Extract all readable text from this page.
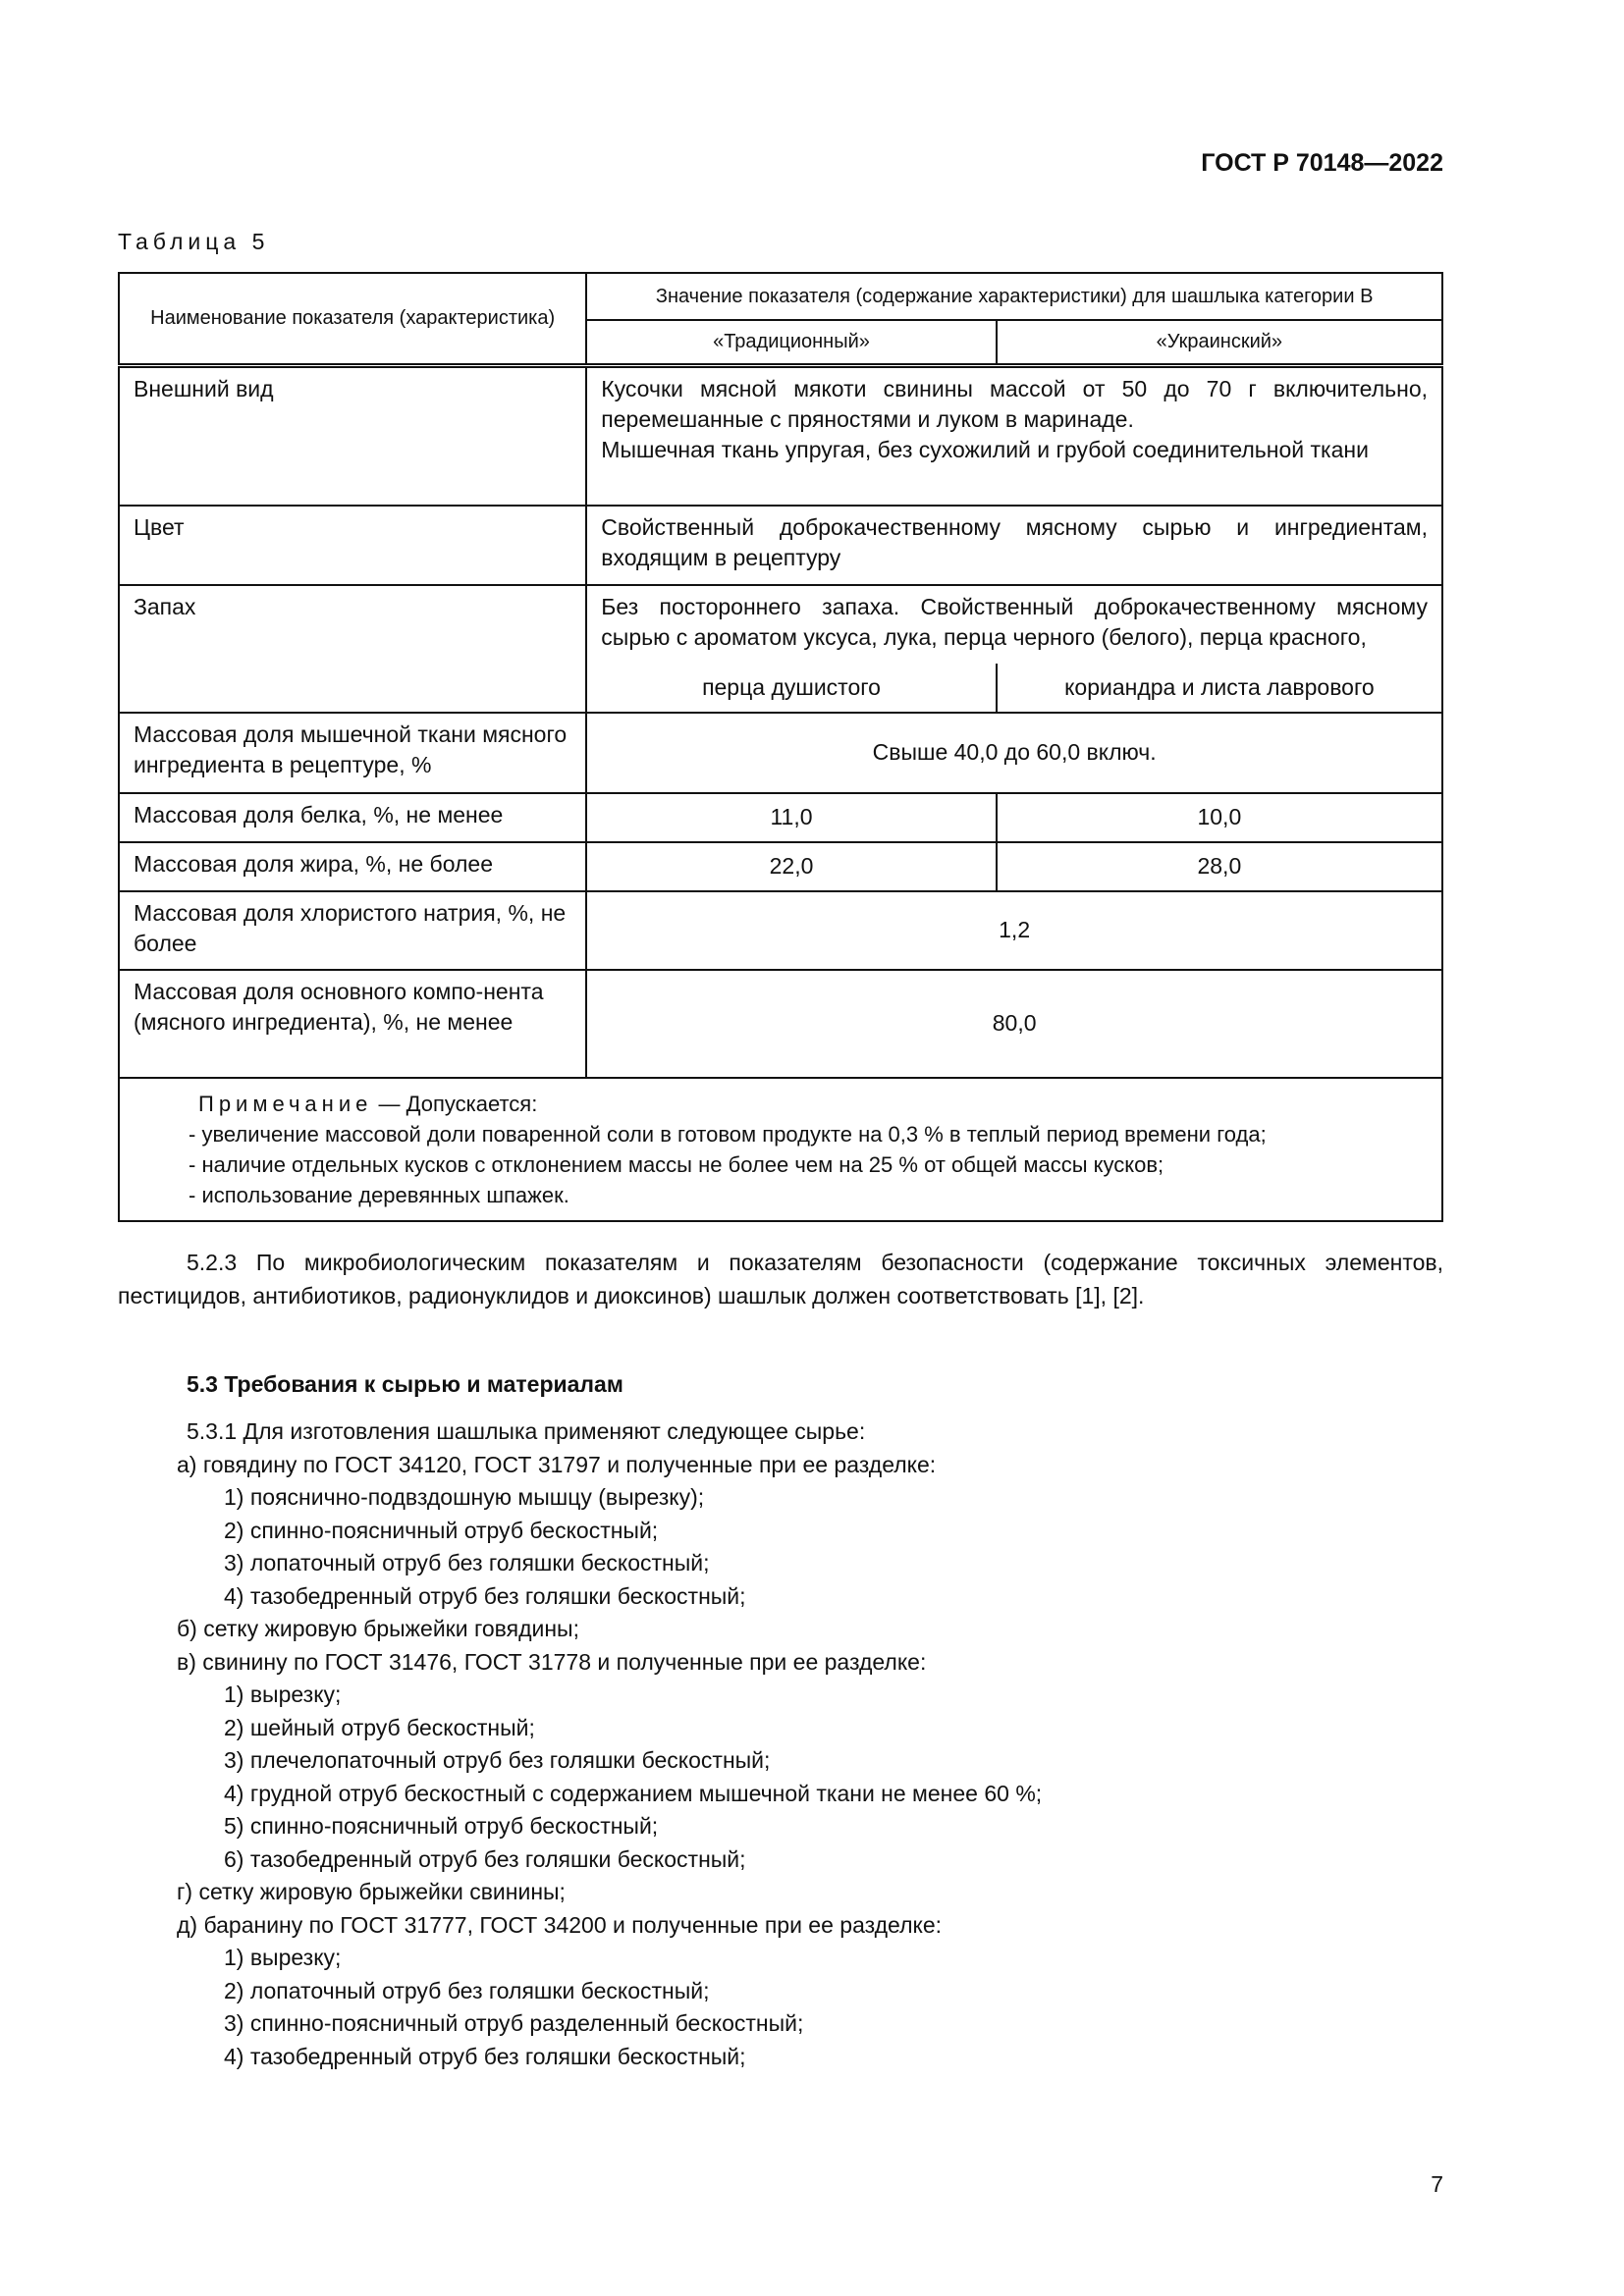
ГОСТ Р 70148—2022
Таблица 5
Наименование показателя (характеристика)	Значение показателя (содержание характеристики) для шашлыка категории В	
	«Традиционный»	«Украинский»
Внешний вид	Кусочки мясной мякоти свинины массой от 50 до 70 г включительно, перемешанные с пряностями и луком в маринаде.
Мышечная ткань упругая, без сухожилий и грубой соединительной ткани	

Цвет	Свойственный доброкачественному мясному сырью и ингредиентам, входящим в рецептуру	
Запах	Без постороннего запаха. Свойственный доброкачественному мясному сырью с ароматом уксуса, лука, перца черного (белого), перца красного,	
	перца душистого	кориандра и листа лаврового
Массовая доля мышечной ткани мясного ингредиента в рецептуре, %	Свыше 40,0 до 60,0 включ.	
Массовая доля белка, %, не менее	11,0	10,0
Массовая доля жира, %, не более	22,0	28,0
Массовая доля хлористого натрия, %, не более	1,2	
Массовая доля основного компо-нента (мясного ингредиента), %, не менее	80,0	

Примечание — Допускается:
- увеличение массовой доли поваренной соли в готовом продукте на 0,3 % в теплый период времени года;
- наличие отдельных кусков с отклонением массы не более чем на 25 % от общей массы кусков;
- использование деревянных шпажек.		
5.2.3 По микробиологическим показателям и показателям безопасности (содержание токсичных элементов, пестицидов, антибиотиков, радионуклидов и диоксинов) шашлык должен соответствовать [1], [2].
5.3 Требования к сырью и материалам
5.3.1 Для изготовления шашлыка применяют следующее сырье:
а) говядину по ГОСТ 34120, ГОСТ 31797 и полученные при ее разделке:
1) пояснично-подвздошную мышцу (вырезку);
2) спинно-поясничный отруб бескостный;
3) лопаточный отруб без голяшки бескостный;
4) тазобедренный отруб без голяшки бескостный;
б) сетку жировую брыжейки говядины;
в) свинину по ГОСТ 31476, ГОСТ 31778 и полученные при ее разделке:
1) вырезку;
2) шейный отруб бескостный;
3) плечелопаточный отруб без голяшки бескостный;
4) грудной отруб бескостный с содержанием мышечной ткани не менее 60 %;
5) спинно-поясничный отруб бескостный;
6) тазобедренный отруб без голяшки бескостный;
г) сетку жировую брыжейки свинины;
д) баранину по ГОСТ 31777, ГОСТ 34200 и полученные при ее разделке:
1) вырезку;
2) лопаточный отруб без голяшки бескостный;
3) спинно-поясничный отруб разделенный бескостный;
4) тазобедренный отруб без голяшки бескостный;
7
